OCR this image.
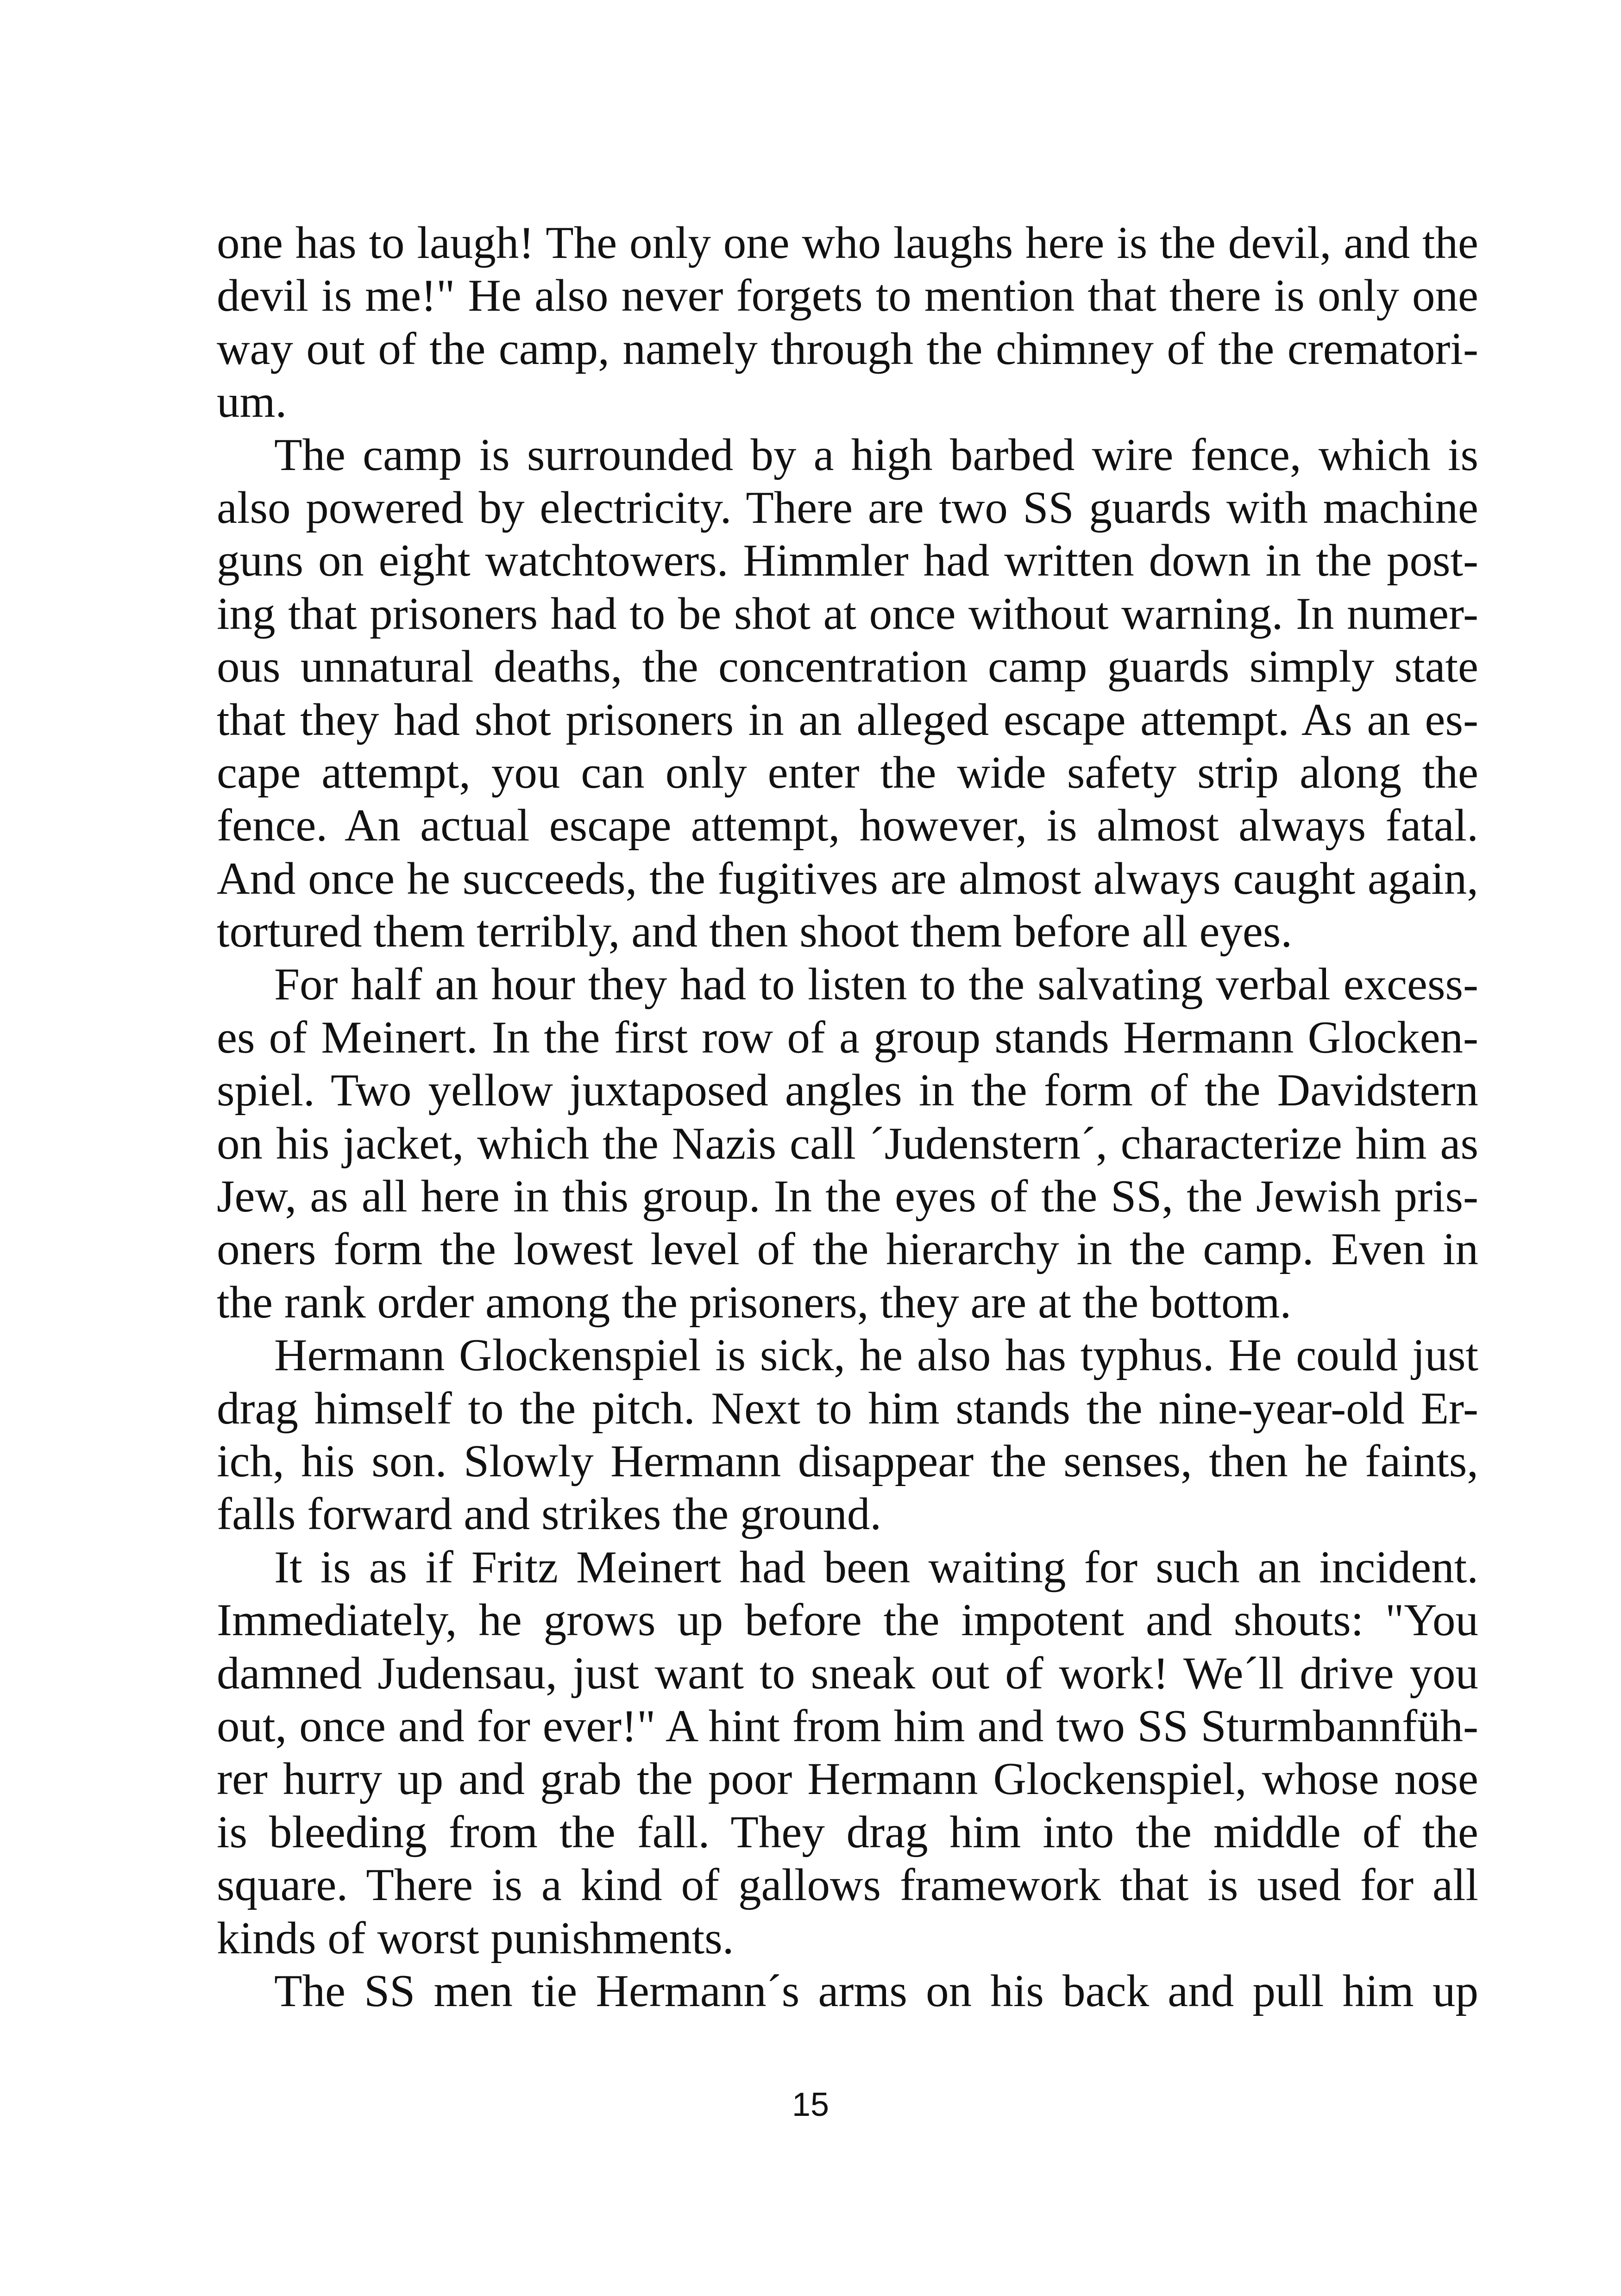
one has to laugh! The only one who laughs here is the devil, and the
devil is me!" He also never forgets to mention that there is only one
way out of the camp, namely through the chimney of the crematori-
um.
The camp is surrounded by a high barbed wire fence, which is
also powered by electricity. There are two SS guards with machine
guns on eight watchtowers. Himmler had written down in the post-
ing that prisoners had to be shot at once without warning. In numer-
ous unnatural deaths, the concentration camp guards simply state
that they had shot prisoners in an alleged escape attempt. As an es-
cape attempt, you can only enter the wide safety strip along the
fence. An actual escape attempt, however, is almost always fatal.
And once he succeeds, the fugitives are almost always caught again,
tortured them terribly, and then shoot them before all eyes.
For half an hour they had to listen to the salvating verbal excess-
es of Meinert. In the first row of a group stands Hermann Glocken-
spiel. Two yellow juxtaposed angles in the form of the Davidstern
on his jacket, which the Nazis call ´Judenstern´, characterize him as
Jew, as all here in this group. In the eyes of the SS, the Jewish pris-
oners form the lowest level of the hierarchy in the camp. Even in
the rank order among the prisoners, they are at the bottom.
Hermann Glockenspiel is sick, he also has typhus. He could just
drag himself to the pitch. Next to him stands the nine-year-old Er-
ich, his son. Slowly Hermann disappear the senses, then he faints,
falls forward and strikes the ground.
It is as if Fritz Meinert had been waiting for such an incident.
Immediately, he grows up before the impotent and shouts: "You
damned Judensau, just want to sneak out of work! We´ll drive you
out, once and for ever!" A hint from him and two SS Sturmbannfüh-
rer hurry up and grab the poor Hermann Glockenspiel, whose nose
is bleeding from the fall. They drag him into the middle of the
square. There is a kind of gallows framework that is used for all
kinds of worst punishments.
The SS men tie Hermann´s arms on his back and pull him up
15
